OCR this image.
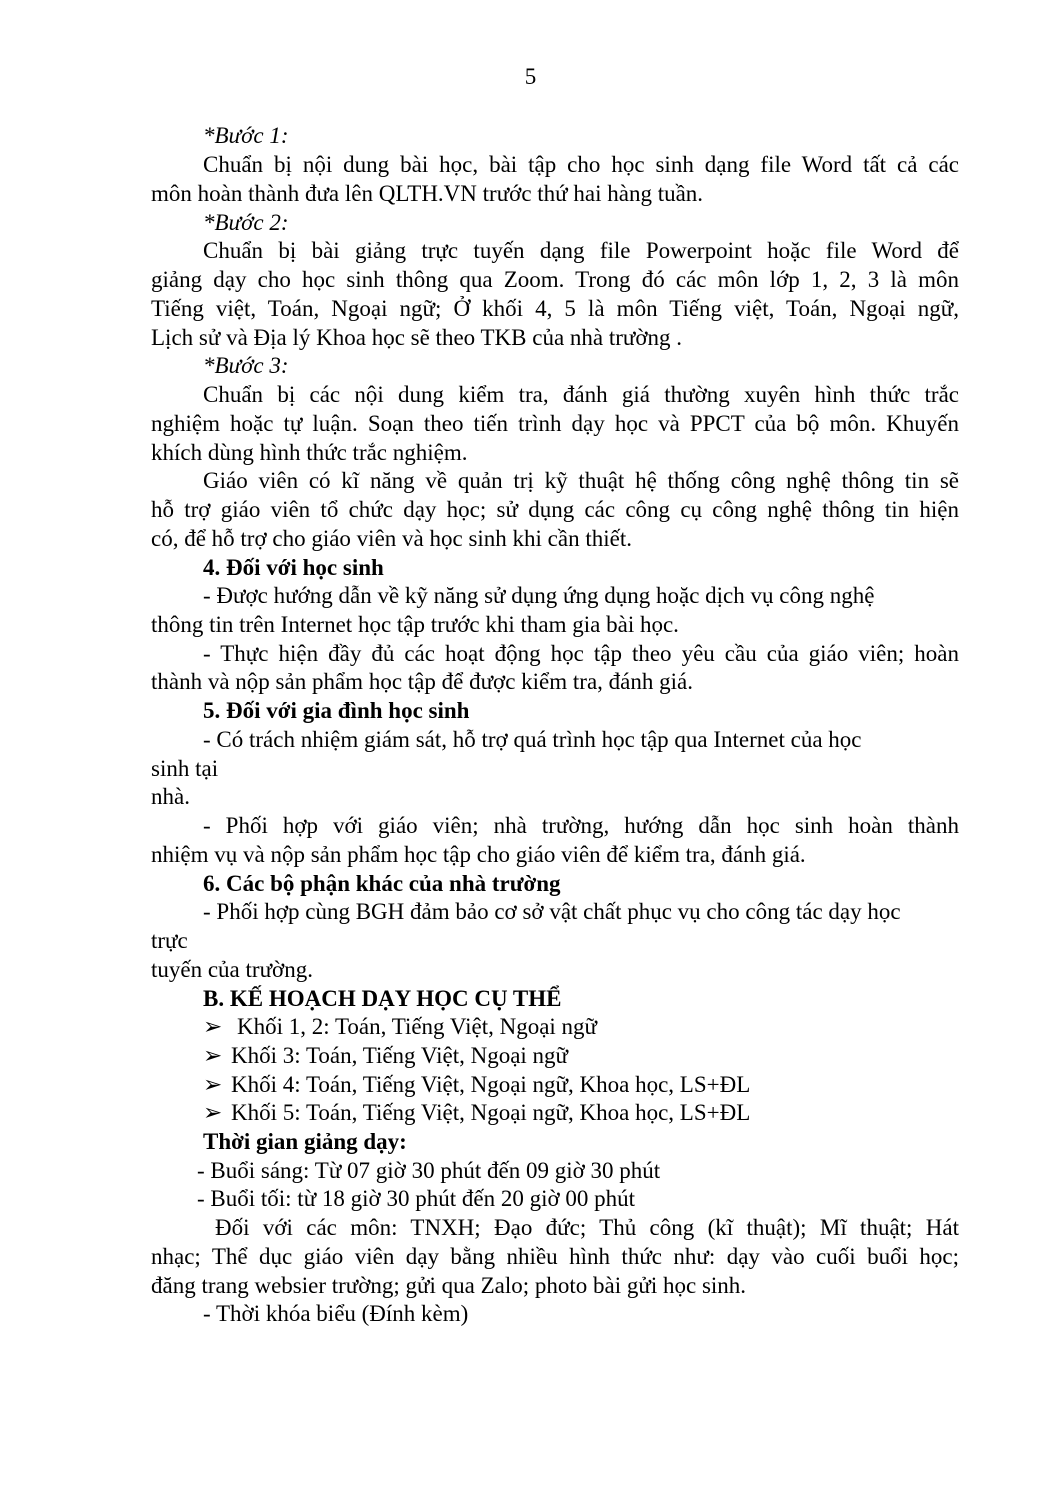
5
*Bước 1:
Chuẩn bị nội dung bài học, bài tập cho học sinh dạng file Word tất cả các
môn hoàn thành đưa lên QLTH.VN trước thứ hai hàng tuần.
*Bước 2:
Chuẩn bị bài giảng trực tuyến dạng file Powerpoint hoặc file Word để
giảng dạy cho học sinh thông qua Zoom. Trong đó các môn lớp 1, 2, 3 là môn
Tiếng việt, Toán, Ngoại ngữ; Ở khối 4, 5 là môn Tiếng việt, Toán, Ngoại ngữ,
Lịch sử và Địa lý Khoa học sẽ theo TKB của nhà trường .
*Bước 3:
Chuẩn bị các nội dung kiểm tra, đánh giá thường xuyên hình thức trắc
nghiệm hoặc tự luận. Soạn theo tiến trình dạy học và PPCT của bộ môn. Khuyến
khích dùng hình thức trắc nghiệm.
Giáo viên có kĩ năng về quản trị kỹ thuật hệ thống công nghệ thông tin sẽ
hỗ trợ giáo viên tổ chức dạy học; sử dụng các công cụ công nghệ thông tin hiện
có, để hỗ trợ cho giáo viên và học sinh khi cần thiết.
4. Đối với học sinh
- Được hướng dẫn về kỹ năng sử dụng ứng dụng hoặc dịch vụ công nghệ
thông tin trên Internet học tập trước khi tham gia bài học.
- Thực hiện đầy đủ các hoạt động học tập theo yêu cầu của giáo viên; hoàn
thành và nộp sản phẩm học tập để được kiểm tra, đánh giá.
5. Đối với gia đình học sinh
- Có trách nhiệm giám sát, hỗ trợ quá trình học tập qua Internet của học
sinh tại
nhà.
- Phối hợp với giáo viên; nhà trường, hướng dẫn học sinh hoàn thành
nhiệm vụ và nộp sản phẩm học tập cho giáo viên để kiểm tra, đánh giá.
6. Các bộ phận khác của nhà trường
- Phối hợp cùng BGH đảm bảo cơ sở vật chất phục vụ cho công tác dạy học
trực
tuyến của trường.
B. KẾ HOẠCH DẠY HỌC CỤ THỂ
➢ Khối 1, 2: Toán, Tiếng Việt, Ngoại ngữ
➢ Khối 3: Toán, Tiếng Việt, Ngoại ngữ
➢ Khối 4: Toán, Tiếng Việt, Ngoại ngữ, Khoa học, LS+ĐL
➢ Khối 5: Toán, Tiếng Việt, Ngoại ngữ, Khoa học, LS+ĐL
Thời gian giảng dạy:
- Buổi sáng: Từ 07 giờ 30 phút đến 09 giờ 30 phút
- Buổi tối: từ 18 giờ 30 phút đến 20 giờ 00 phút
Đối với các môn: TNXH; Đạo đức; Thủ công (kĩ thuật); Mĩ thuật; Hát
nhạc; Thể dục giáo viên dạy bằng nhiều hình thức như: dạy vào cuối buổi học;
đăng trang websier trường; gửi qua Zalo; photo bài gửi học sinh.
- Thời khóa biểu (Đính kèm)
